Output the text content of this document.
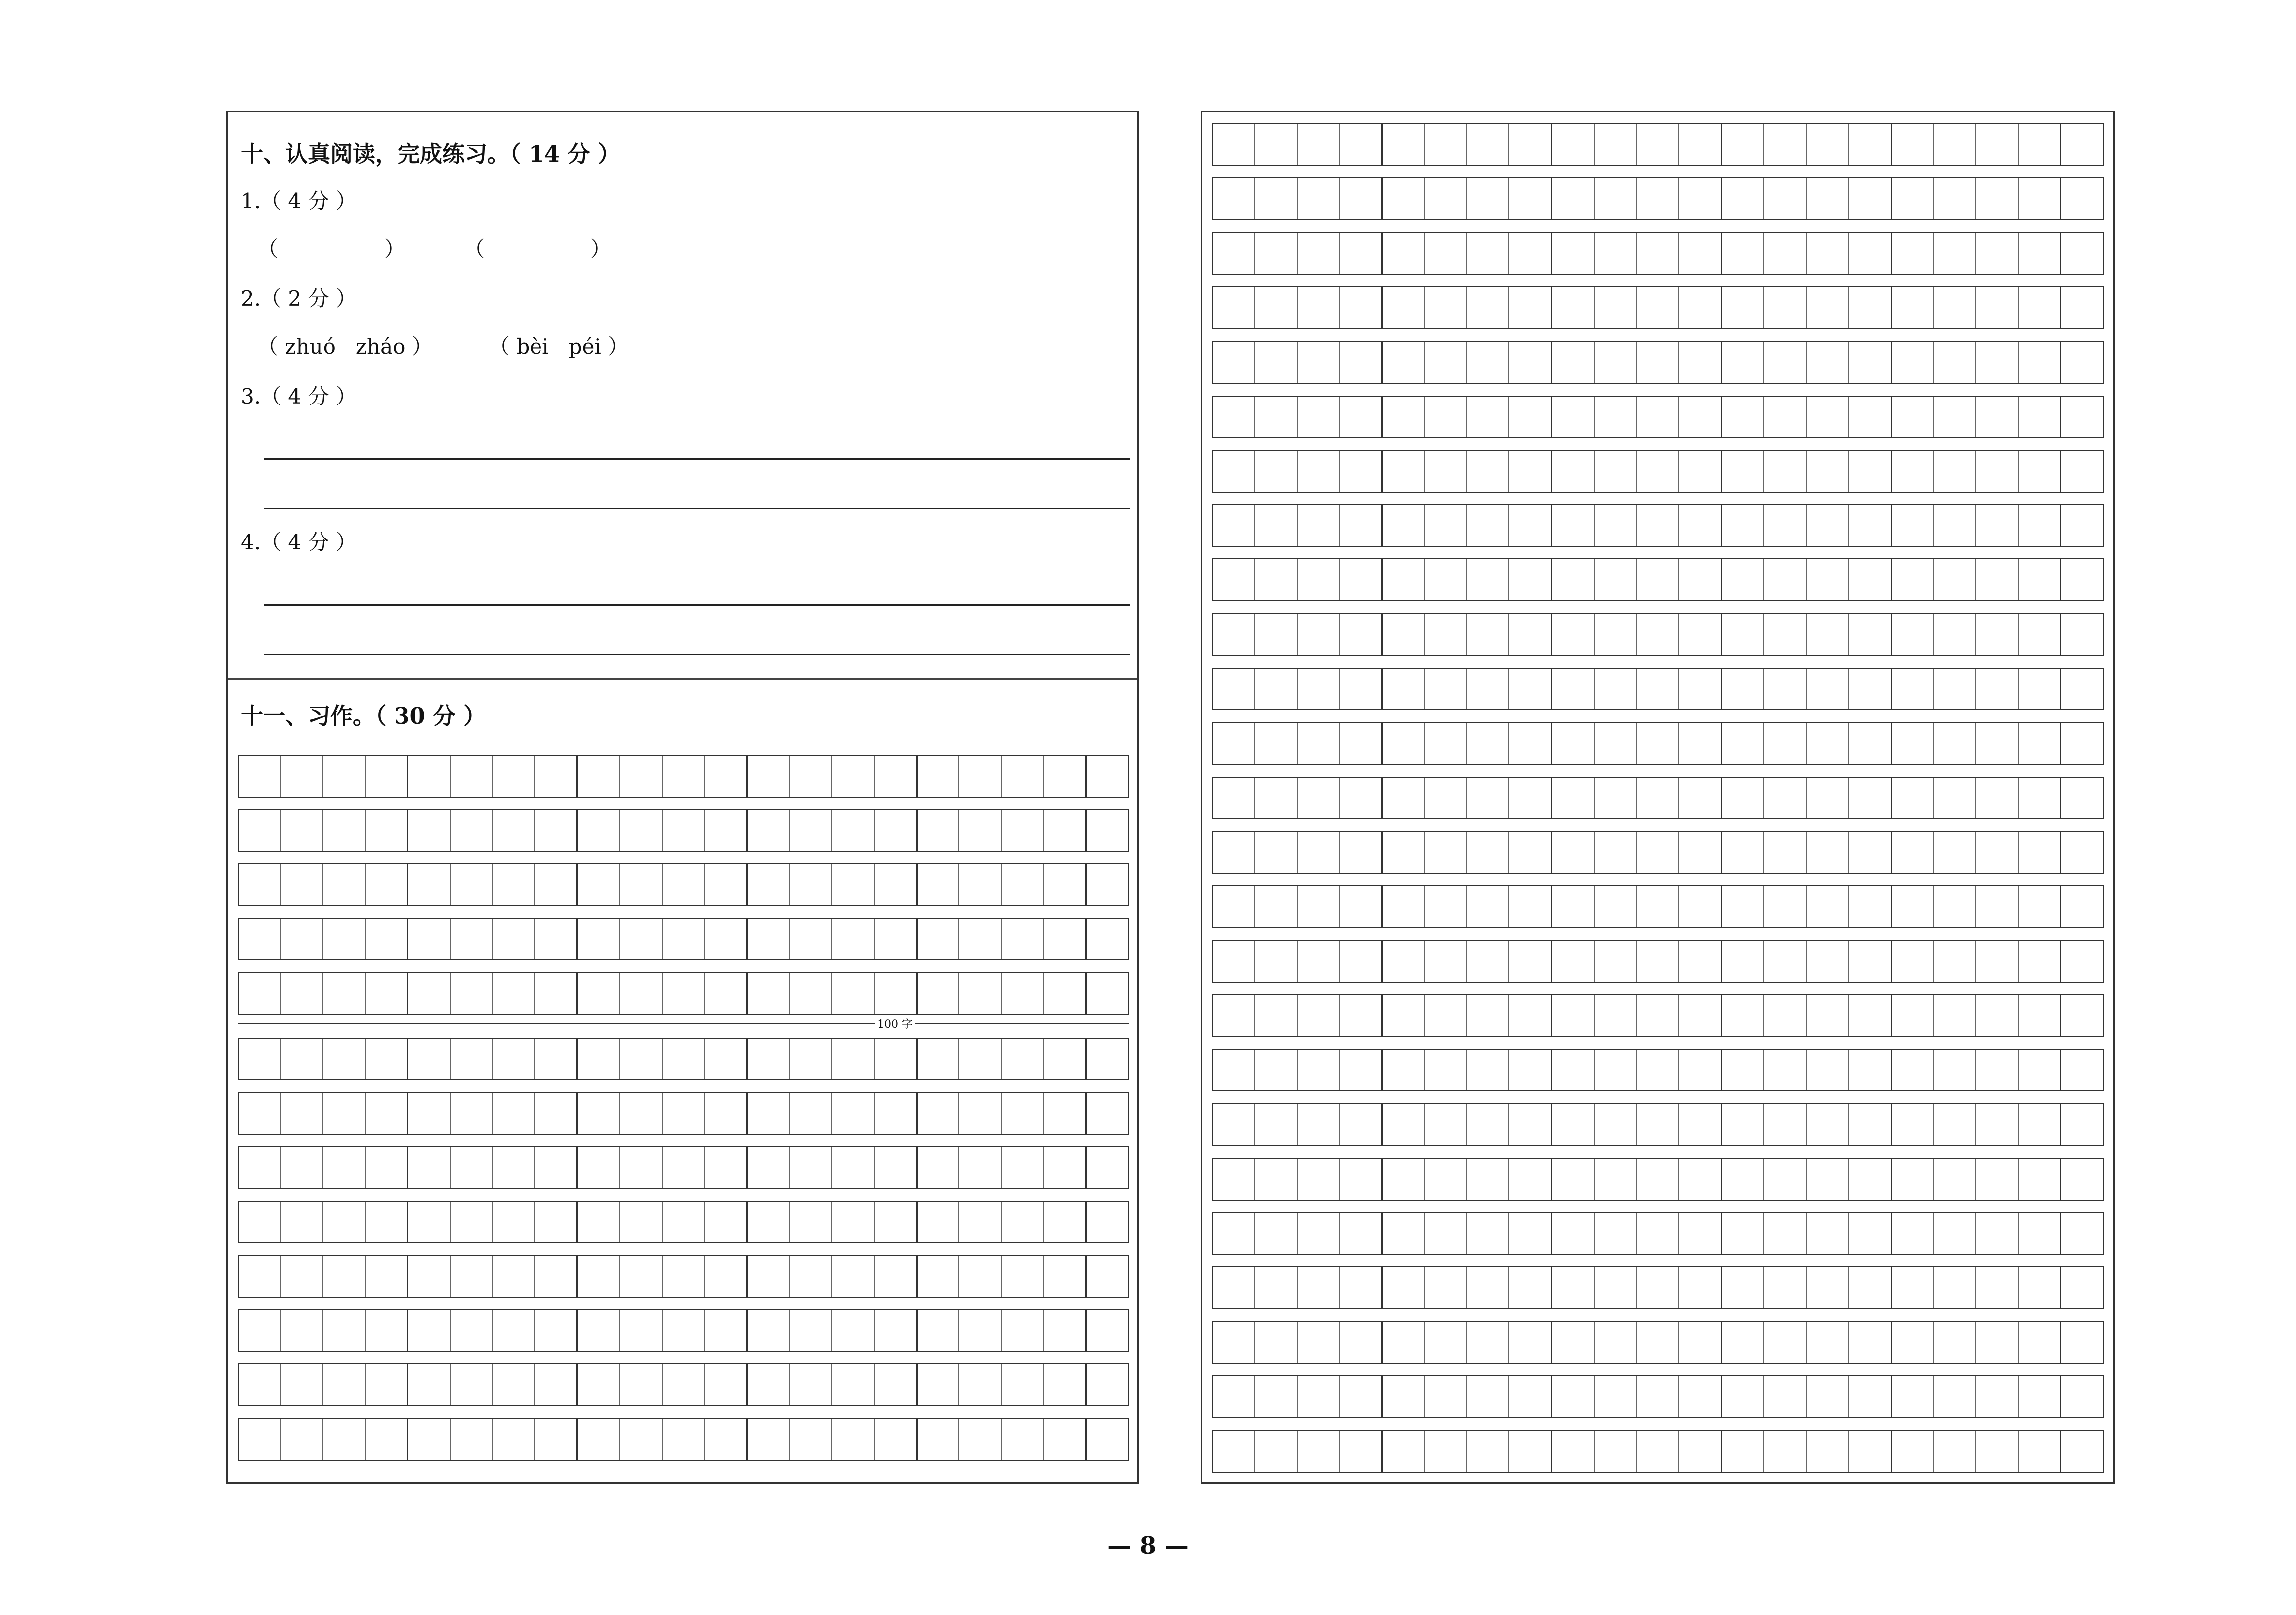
十、认真阅读，完成练习。（ 14 分 ）
1.（ 4 分 ）
（	）	（	）
2.（ 2 分 ）
（ zhuó   zháo ）	（ bèi   péi ）
3.（ 4 分 ）
4.（ 4 分 ）
十一、习作。（ 30 分 ）
100 字
— 8 —
